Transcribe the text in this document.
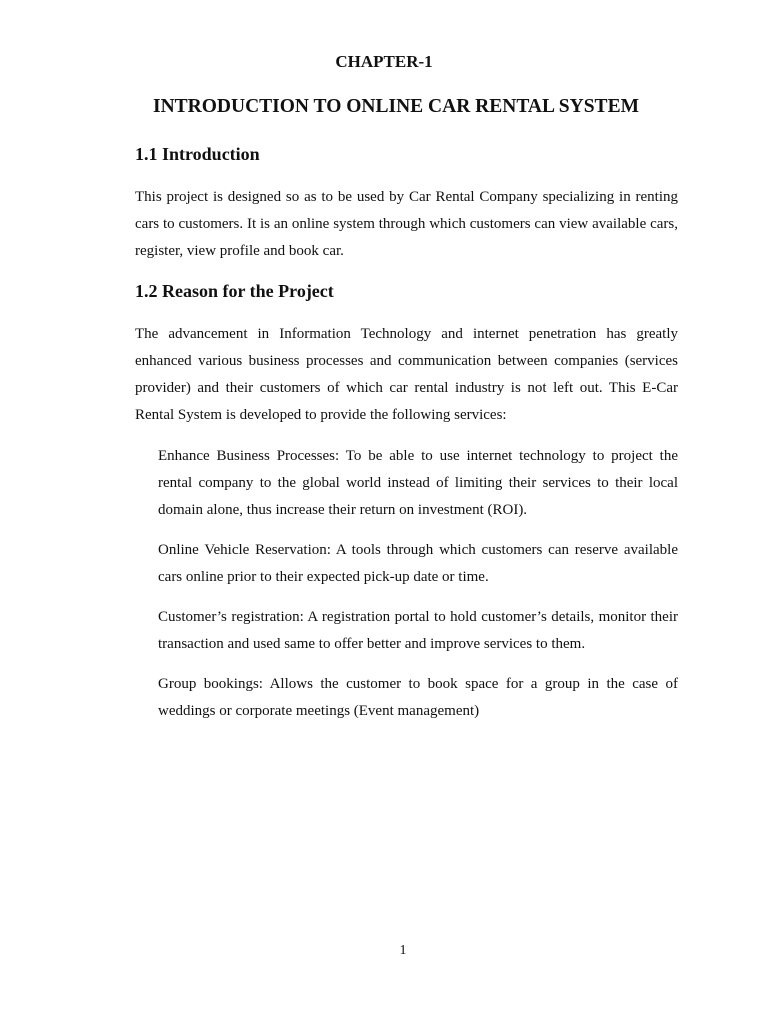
CHAPTER-1
INTRODUCTION TO ONLINE CAR RENTAL SYSTEM
1.1 Introduction

This project is designed so as to be used by Car Rental Company specializing in renting cars to customers. It is an online system through which customers can view available cars, register, view profile and book car.

1.2 Reason for the Project

The advancement in Information Technology and internet penetration has greatly enhanced various business processes and communication between companies (services provider) and their customers of which car rental industry is not left out. This E-Car Rental System is developed to provide the following services:

Enhance Business Processes: To be able to use internet technology to project the rental company to the global world instead of limiting their services to their local domain alone, thus increase their return on investment (ROI).
Online Vehicle Reservation: A tools through which customers can reserve available cars online prior to their expected pick-up date or time.
Customer’s registration: A registration portal to hold customer’s details, monitor their transaction and used same to offer better and improve services to them.
Group bookings: Allows the customer to book space for a group in the case of weddings or corporate meetings (Event management)
1
